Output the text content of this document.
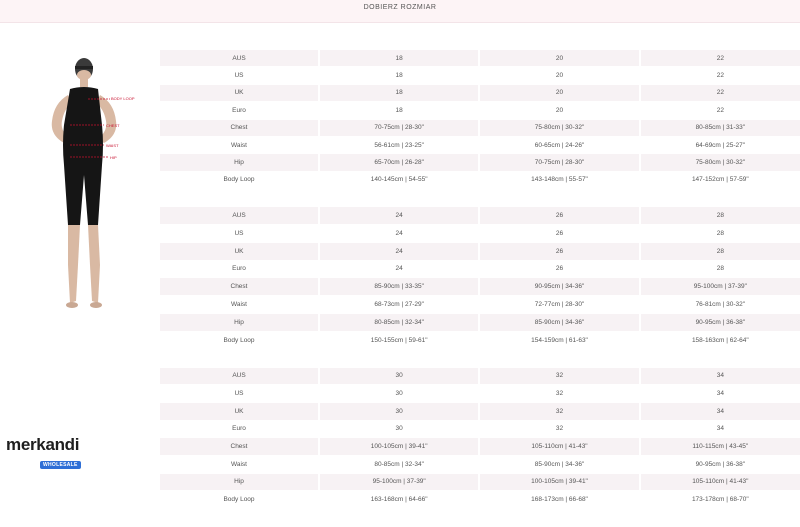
DOBIERZ ROZMIAR
BODY LOOP
CHEST
WAIST
HIP
AUS	18	20	22
US	18	20	22
UK	18	20	22
Euro	18	20	22
Chest	70-75cm | 28-30"	75-80cm | 30-32"	80-85cm | 31-33"
Waist	56-61cm | 23-25"	60-65cm | 24-26"	64-69cm | 25-27"
Hip	65-70cm | 26-28"	70-75cm | 28-30"	75-80cm | 30-32"
Body Loop	140-145cm | 54-55"	143-148cm | 55-57"	147-152cm | 57-59"
AUS	24	26	28
US	24	26	28
UK	24	26	28
Euro	24	26	28
Chest	85-90cm | 33-35"	90-95cm | 34-36"	95-100cm | 37-39"
Waist	68-73cm | 27-29"	72-77cm | 28-30"	76-81cm | 30-32"
Hip	80-85cm | 32-34"	85-90cm | 34-36"	90-95cm | 36-38"
Body Loop	150-155cm | 59-61"	154-159cm | 61-63"	158-163cm | 62-64"
AUS	30	32	34
US	30	32	34
UK	30	32	34
Euro	30	32	34
Chest	100-105cm | 39-41"	105-110cm | 41-43"	110-115cm | 43-45"
Waist	80-85cm | 32-34"	85-90cm | 34-36"	90-95cm | 36-38"
Hip	95-100cm | 37-39"	100-105cm | 39-41"	105-110cm | 41-43"
Body Loop	163-168cm | 64-66"	168-173cm | 66-68"	173-178cm | 68-70"
merkandi
WHOLESALE
